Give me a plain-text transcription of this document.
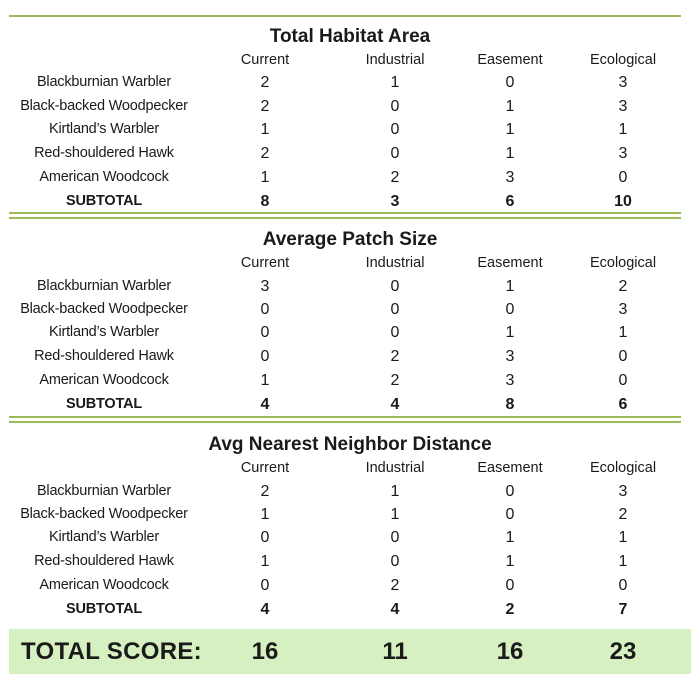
Total Habitat Area
Current	Industrial	Easement	Ecological
Blackburnian Warbler	2	1	0	3
Black-backed Woodpecker	2	0	1	3
Kirtland’s Warbler	1	0	1	1
Red-shouldered Hawk	2	0	1	3
American Woodcock	1	2	3	0
SUBTOTAL	8	3	6	10
Average Patch Size
Current	Industrial	Easement	Ecological
Blackburnian Warbler	3	0	1	2
Black-backed Woodpecker	0	0	0	3
Kirtland’s Warbler	0	0	1	1
Red-shouldered Hawk	0	2	3	0
American Woodcock	1	2	3	0
SUBTOTAL	4	4	8	6
Avg Nearest Neighbor Distance
Current	Industrial	Easement	Ecological
Blackburnian Warbler	2	1	0	3
Black-backed Woodpecker	1	1	0	2
Kirtland’s Warbler	0	0	1	1
Red-shouldered Hawk	1	0	1	1
American Woodcock	0	2	0	0
SUBTOTAL	4	4	2	7
TOTAL SCORE:	16	11	16	23
